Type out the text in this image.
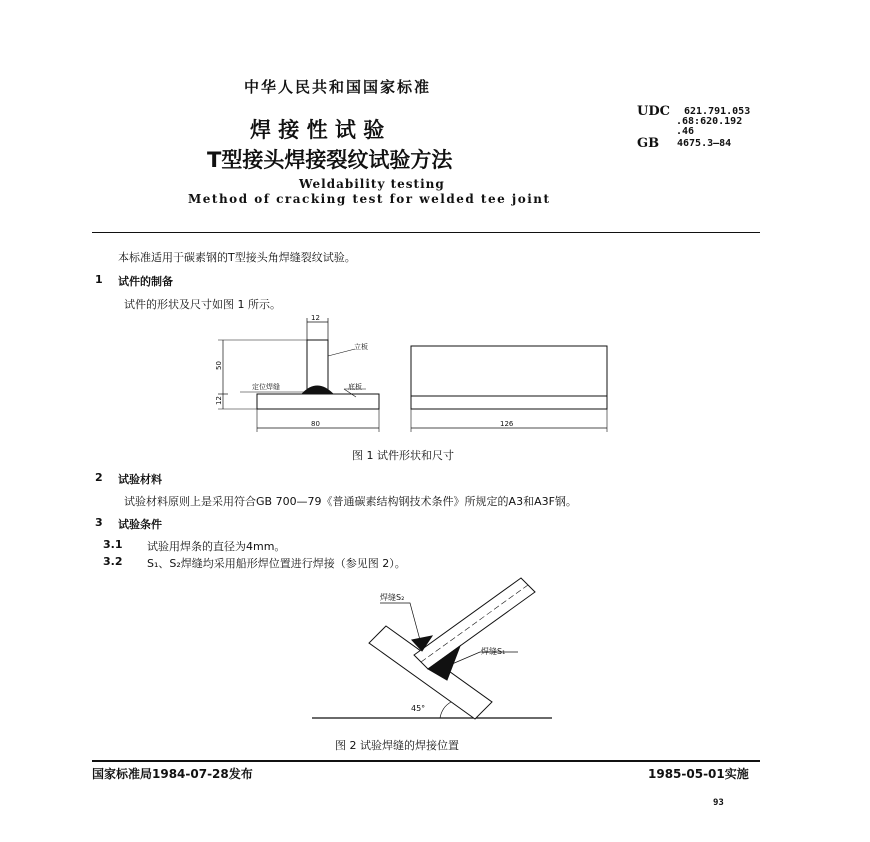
中华人民共和国国家标准
焊 接 性 试 验
T型接头焊接裂纹试验方法
Weldability testing
Method of cracking test for welded tee joint
UDC 621.791.053
.68:620.192
.46
GB 4675.3—84
本标准适用于碳素钢的T型接头角焊缝裂纹试验。
1 试件的制备
试件的形状及尺寸如图 1 所示。
12
50
12
80	126
立板
定位焊缝	底板
图 1 试件形状和尺寸
2 试验材料
试验材料原则上是采用符合GB 700—79《普通碳素结构钢技术条件》所规定的A3和A3F钢。
3 试验条件
3.1 试验用焊条的直径为4mm。
3.2 S₁、S₂焊缝均采用船形焊位置进行焊接（参见图 2）。
焊缝S₂
焊缝S₁
45°
图 2 试验焊缝的焊接位置
国家标准局1984-07-28发布	1985-05-01实施
93
